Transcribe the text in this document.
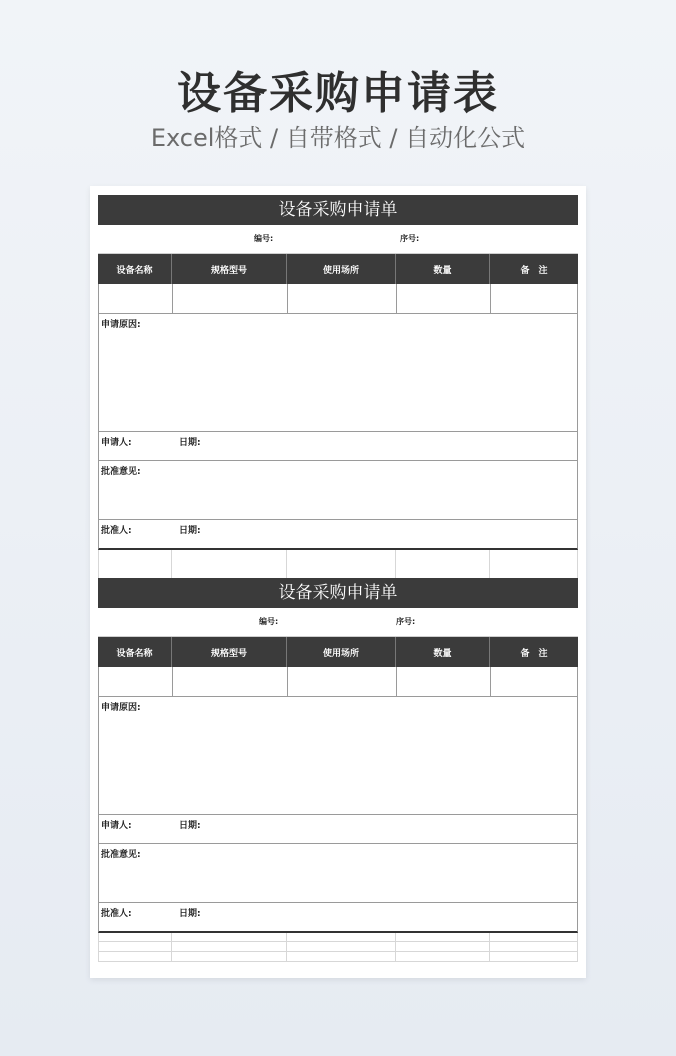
设备采购申请表
Excel格式 / 自带格式 / 自动化公式
设备采购申请单
编号:	序号:
设备名称	规格型号	使用场所	数量	备　注
申请原因:
申请人:	日期:
批准意见:
批准人:	日期:
设备采购申请单
编号:	序号:
设备名称	规格型号	使用场所	数量	备　注
申请原因:
申请人:	日期:
批准意见:
批准人:	日期:
